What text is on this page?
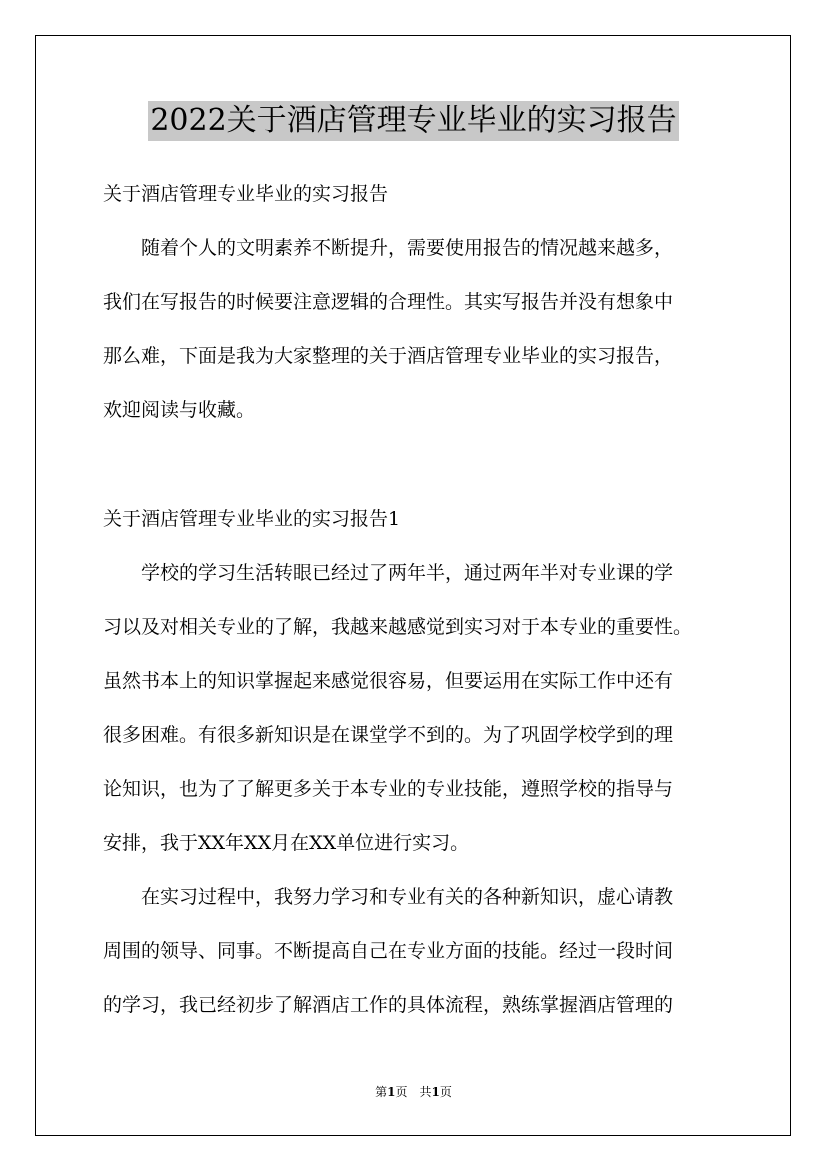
2022关于酒店管理专业毕业的实习报告
关于酒店管理专业毕业的实习报告
　　随着个人的文明素养不断提升，需要使用报告的情况越来越多，
我们在写报告的时候要注意逻辑的合理性。其实写报告并没有想象中
那么难，下面是我为大家整理的关于酒店管理专业毕业的实习报告，
欢迎阅读与收藏。
关于酒店管理专业毕业的实习报告1
　　学校的学习生活转眼已经过了两年半，通过两年半对专业课的学
习以及对相关专业的了解，我越来越感觉到实习对于本专业的重要性。
虽然书本上的知识掌握起来感觉很容易，但要运用在实际工作中还有
很多困难。有很多新知识是在课堂学不到的。为了巩固学校学到的理
论知识，也为了了解更多关于本专业的专业技能，遵照学校的指导与
安排，我于XX年XX月在XX单位进行实习。
　　在实习过程中，我努力学习和专业有关的各种新知识，虚心请教
周围的领导、同事。不断提高自己在专业方面的技能。经过一段时间
的学习，我已经初步了解酒店工作的具体流程，熟练掌握酒店管理的
第1页　共1页
